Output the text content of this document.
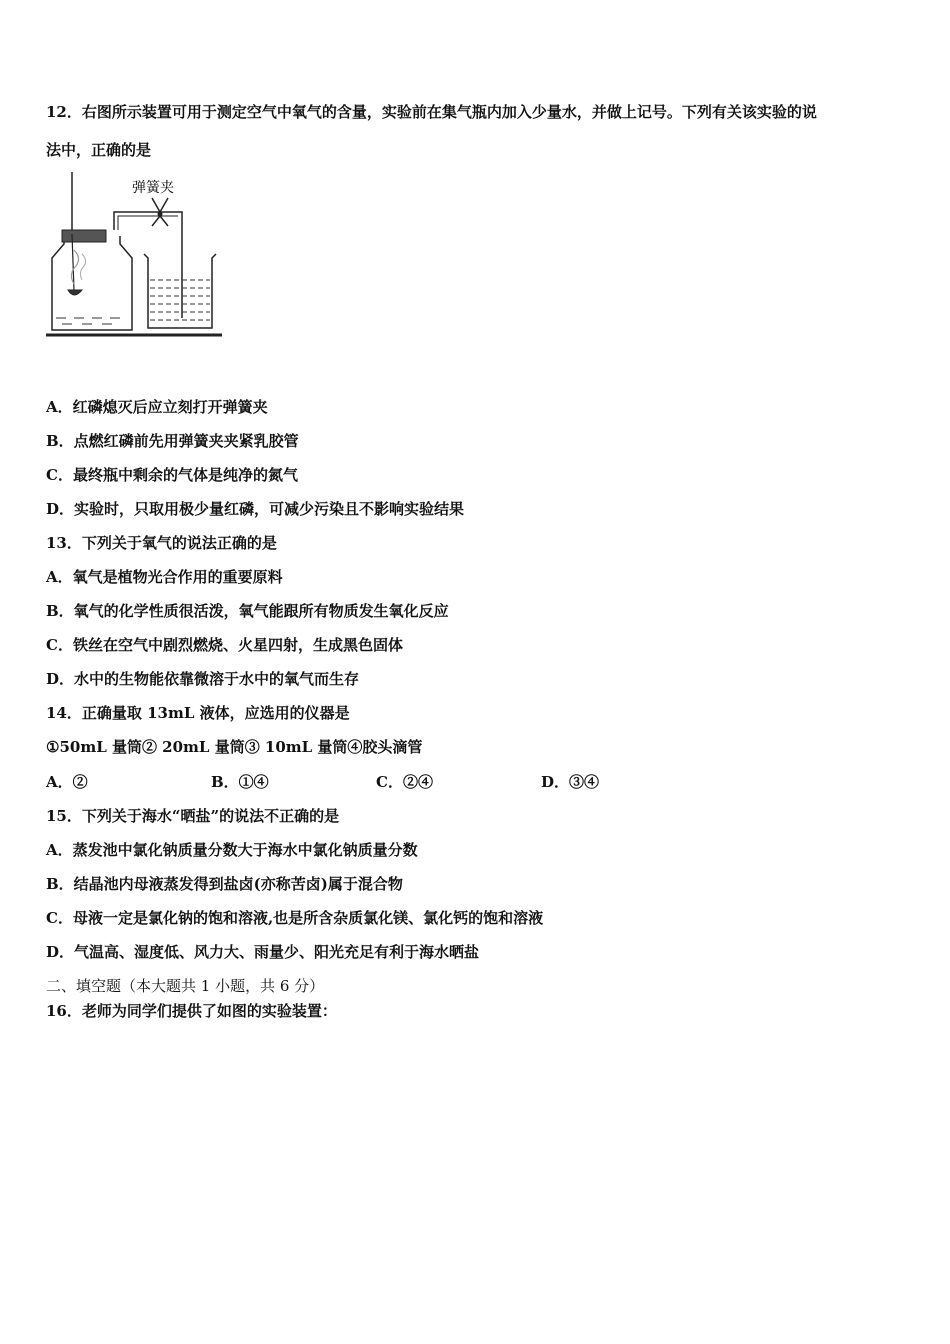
12．右图所示装置可用于测定空气中氧气的含量，实验前在集气瓶内加入少量水，并做上记号。下列有关该实验的说
法中，正确的是
弹簧夹
A．红磷熄灭后应立刻打开弹簧夹
B．点燃红磷前先用弹簧夹夹紧乳胶管
C．最终瓶中剩余的气体是纯净的氮气
D．实验时，只取用极少量红磷，可减少污染且不影响实验结果
13．下列关于氧气的说法正确的是
A．氧气是植物光合作用的重要原料
B．氧气的化学性质很活泼，氧气能跟所有物质发生氧化反应
C．铁丝在空气中剧烈燃烧、火星四射，生成黑色固体
D．水中的生物能依靠微溶于水中的氧气而生存
14．正确量取 13mL 液体，应选用的仪器是
①50mL 量筒② 20mL 量筒③ 10mL 量筒④胶头滴管
A．②	B．①④	C．②④	D．③④
15．下列关于海水“晒盐”的说法不正确的是
A．蒸发池中氯化钠质量分数大于海水中氯化钠质量分数
B．结晶池内母液蒸发得到盐卤(亦称苦卤)属于混合物
C．母液一定是氯化钠的饱和溶液,也是所含杂质氯化镁、氯化钙的饱和溶液
D．气温高、湿度低、风力大、雨量少、阳光充足有利于海水晒盐
二、填空题（本大题共 1 小题，共 6 分）
16．老师为同学们提供了如图的实验装置：
